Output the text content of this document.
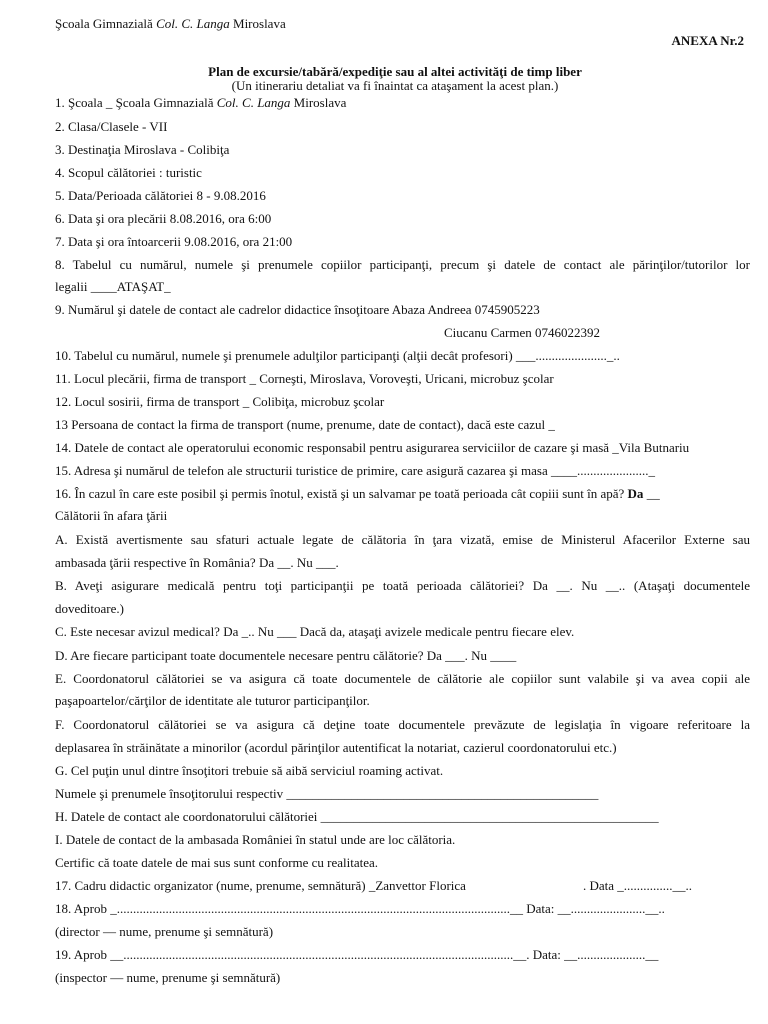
Şcoala Gimnazială Col. C. Langa Miroslava
ANEXA Nr.2
Plan de excursie/tabără/expediţie sau al altei activităţi de timp liber
(Un itinerariu detaliat va fi înaintat ca ataşament la acest plan.)
1. Şcoala _ Şcoala Gimnazială Col. C. Langa Miroslava
2. Clasa/Clasele - VII
3. Destinaţia Miroslava - Colibiţa
4. Scopul călătoriei : turistic
5. Data/Perioada călătoriei 8 - 9.08.2016
6. Data şi ora plecării 8.08.2016, ora 6:00
7. Data şi ora întoarcerii 9.08.2016, ora 21:00
8. Tabelul cu numărul, numele şi prenumele copiilor participanţi, precum şi datele de contact ale părinţilor/tutorilor lor
legalii ____ATAŞAT_
9. Numărul şi datele de contact ale cadrelor didactice însoţitoare Abaza Andreea 0745905223
Ciucanu Carmen 0746022392
10. Tabelul cu numărul, numele şi prenumele adulţilor participanţi (alţii decât profesori) ___......................_..
11. Locul plecării, firma de transport _ Corneşti, Miroslava, Voroveşti, Uricani, microbuz şcolar
12. Locul sosirii, firma de transport _ Colibiţa, microbuz şcolar
13 Persoana de contact la firma de transport (nume, prenume, date de contact), dacă este cazul _
14. Datele de contact ale operatorului economic responsabil pentru asigurarea serviciilor de cazare şi masă _Vila Butnariu
15. Adresa şi numărul de telefon ale structurii turistice de primire, care asigură cazarea şi masa ____......................_
16. În cazul în care este posibil şi permis înotul, există şi un salvamar pe toată perioada cât copiii sunt în apă? Da __
Călătorii în afara ţării
A. Există avertismente sau sfaturi actuale legate de călătoria în ţara vizată, emise de Ministerul Afacerilor Externe sau
ambasada ţării respective în România? Da __. Nu ___.
B. Aveţi asigurare medicală pentru toţi participanţii pe toată perioada călătoriei? Da __. Nu __.. (Ataşaţi documentele
doveditoare.)
C. Este necesar avizul medical? Da _.. Nu ___ Dacă da, ataşaţi avizele medicale pentru fiecare elev.
D. Are fiecare participant toate documentele necesare pentru călătorie? Da ___. Nu ____
E. Coordonatorul călătoriei se va asigura că toate documentele de călătorie ale copiilor sunt valabile şi va avea copii ale
paşapoartelor/cărţilor de identitate ale tuturor participanţilor.
F. Coordonatorul călătoriei se va asigura că deţine toate documentele prevăzute de legislaţia în vigoare referitoare la
deplasarea în străinătate a minorilor (acordul părinţilor autentificat la notariat, cazierul coordonatorului etc.)
G. Cel puţin unul dintre însoţitori trebuie să aibă serviciul roaming activat.
Numele şi prenumele însoţitorului respectiv ________________________________________________
H. Datele de contact ale coordonatorului călătoriei ____________________________________________________
I. Datele de contact de la ambasada României în statul unde are loc călătoria.
Certific că toate datele de mai sus sunt conforme cu realitatea.
17. Cadru didactic organizator (nume, prenume, semnătură) _Zanvettor Florica	. Data _...............__..
18. Aprob _.........................................................................................................................__ Data: __.......................__..
(director — nume, prenume şi semnătură)
19. Aprob __........................................................................................................................__. Data: __.....................__
(inspector — nume, prenume şi semnătură)
